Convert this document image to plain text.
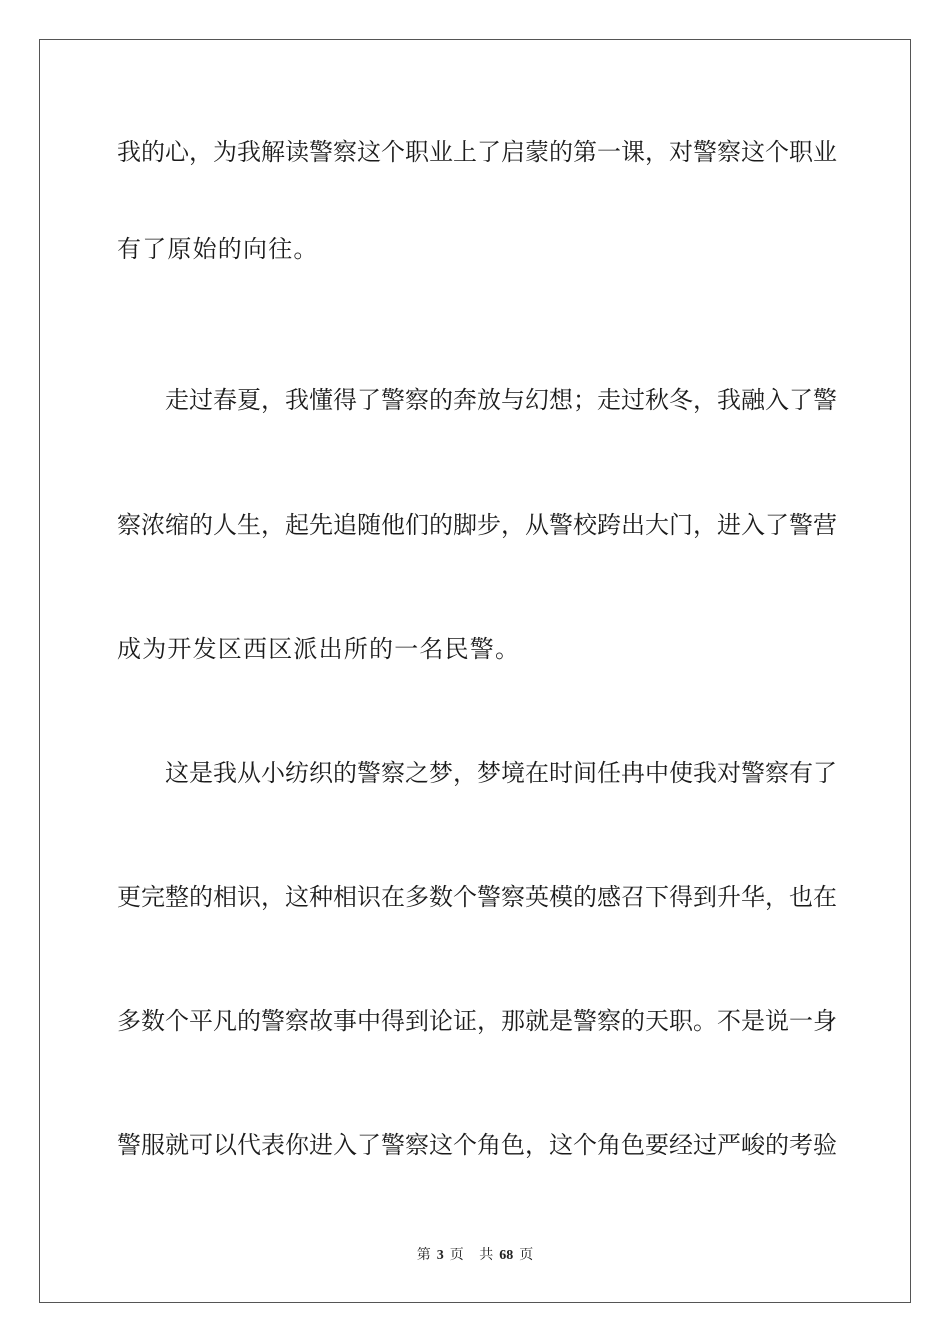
我的心，为我解读警察这个职业上了启蒙的第一课，对警察这个职业
有了原始的向往。
走过春夏，我懂得了警察的奔放与幻想；走过秋冬，我融入了警
察浓缩的人生，起先追随他们的脚步，从警校跨出大门，进入了警营
成为开发区西区派出所的一名民警。
这是我从小纺织的警察之梦，梦境在时间任冉中使我对警察有了
更完整的相识，这种相识在多数个警察英模的感召下得到升华，也在
多数个平凡的警察故事中得到论证，那就是警察的天职。不是说一身
警服就可以代表你进入了警察这个角色，这个角色要经过严峻的考验
第 3 页 共 68 页
